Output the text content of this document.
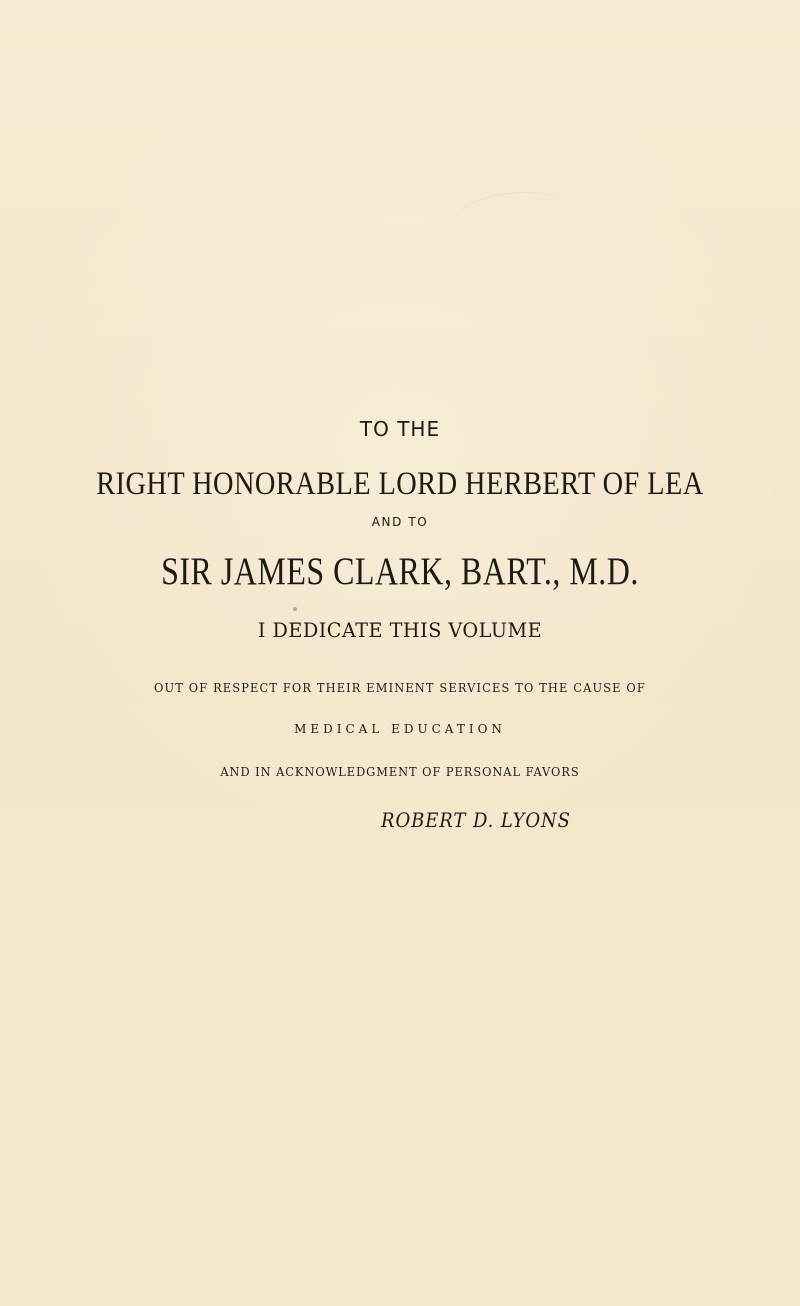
TO THE
RIGHT HONORABLE LORD HERBERT OF LEA
AND TO
SIR JAMES CLARK, BART., M.D.
I DEDICATE THIS VOLUME
OUT OF RESPECT FOR THEIR EMINENT SERVICES TO THE CAUSE OF
MEDICAL EDUCATION
AND IN ACKNOWLEDGMENT OF PERSONAL FAVORS
ROBERT D. LYONS
